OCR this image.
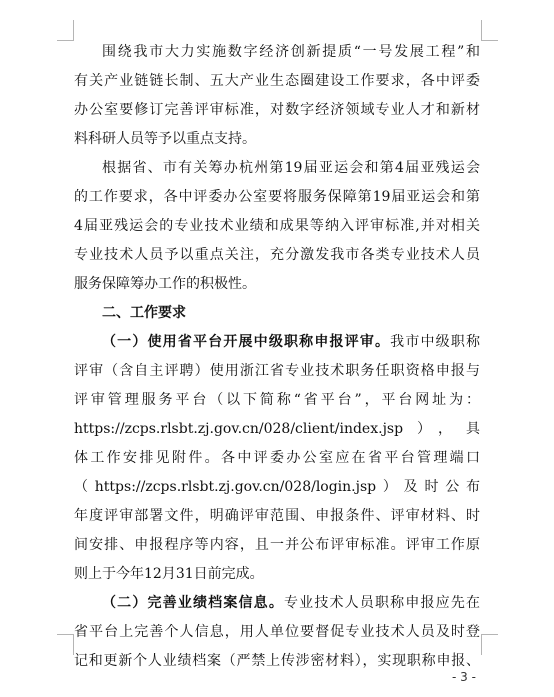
围绕我市大力实施数字经济创新提质“一号发展工程”和
有关产业链链长制、五大产业生态圈建设工作要求，各中评委
办公室要修订完善评审标准，对数字经济领域专业人才和新材
料科研人员等予以重点支持。
根据省、市有关筹办杭州第19届亚运会和第4届亚残运会
的工作要求，各中评委办公室要将服务保障第19届亚运会和第
4届亚残运会的专业技术业绩和成果等纳入评审标准,并对相关
专业技术人员予以重点关注，充分激发我市各类专业技术人员
服务保障筹办工作的积极性。
二、工作要求
（一）使用省平台开展中级职称申报评审。我市中级职称
评审（含自主评聘）使用浙江省专业技术职务任职资格申报与
评审管理服务平台（以下简称“省平台”，平台网址为：
https://zcps.rlsbt.zj.gov.cn/028/client/index.jsp），具
体工作安排见附件。各中评委办公室应在省平台管理端口
（https://zcps.rlsbt.zj.gov.cn/028/login.jsp）及时公布
年度评审部署文件，明确评审范围、申报条件、评审材料、时
间安排、申报程序等内容，且一并公布评审标准。评审工作原
则上于今年12月31日前完成。
（二）完善业绩档案信息。专业技术人员职称申报应先在
省平台上完善个人信息，用人单位要督促专业技术人员及时登
记和更新个人业绩档案（严禁上传涉密材料），实现职称申报、
- 3 -
